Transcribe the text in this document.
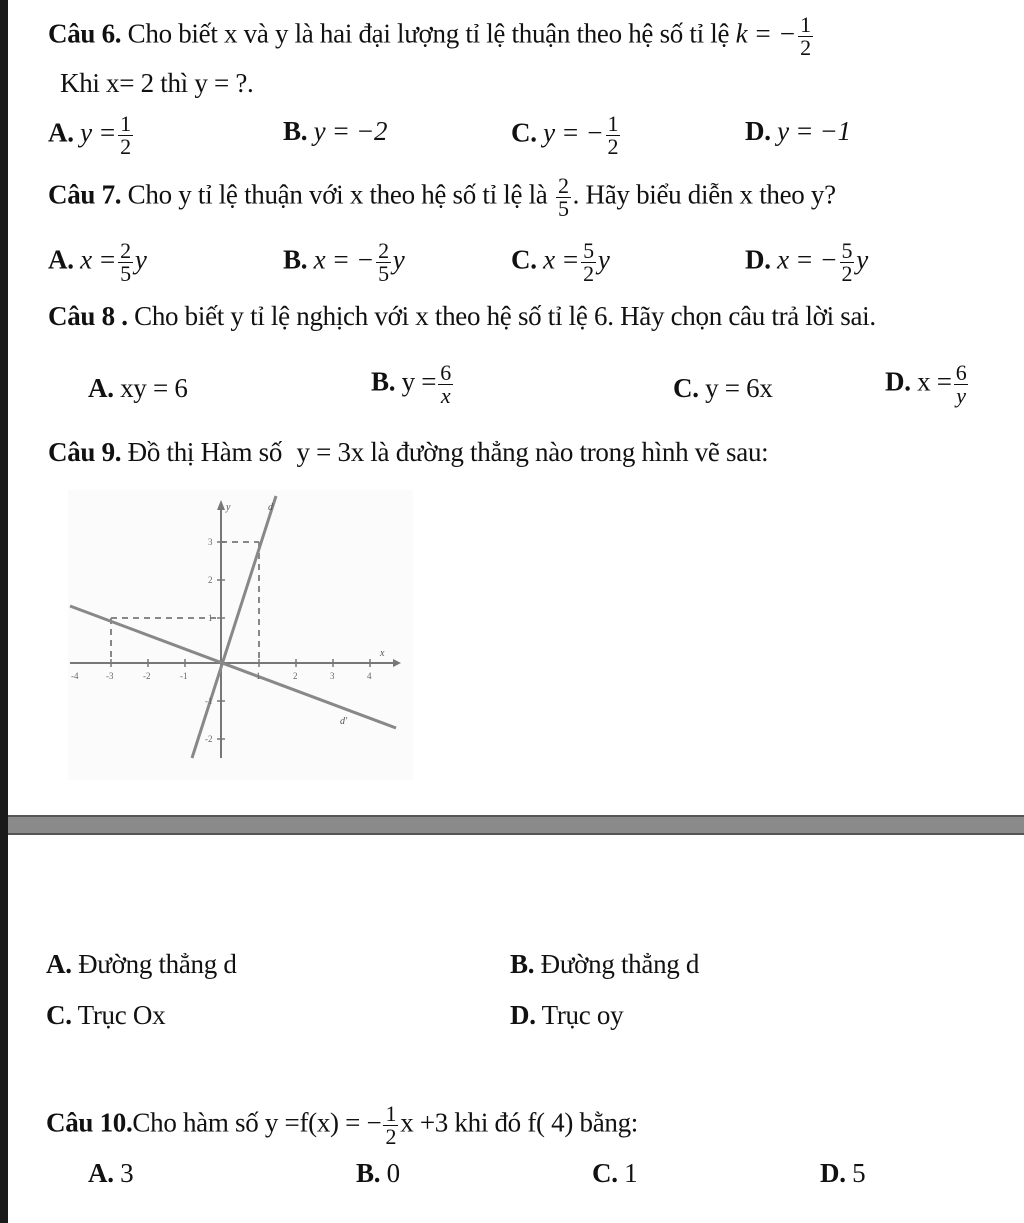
Câu 6. Cho biết x và y là hai đại lượng tỉ lệ thuận theo hệ số tỉ lệ k = − $\frac{1}{2}$
Khi x= 2 thì y = ?.
A. $y = \frac{1}{2}$	B. y = −2	C. y = − $\frac{1}{2}$	D. y = −1
Câu 7. Cho y tỉ lệ thuận với x theo hệ số tỉ lệ là $\frac{2}{5}$ . Hãy biểu diễn x theo y?
A. $x = \frac{2}{5}$ y	B. x = − $\frac{2}{5}$ y	C. $x = \frac{5}{2}$ y	D. x = − $\frac{5}{2}$ y
Câu 8 . Cho biết y tỉ lệ nghịch với x theo hệ số tỉ lệ 6. Hãy chọn câu trả lời sai.
A. xy = 6	B. $y = \frac{6}{x}$	C. y = 6x	D. $x = \frac{6}{y}$
Câu 9. Đồ thị Hàm số y = 3x là đường thẳng nào trong hình vẽ sau:
d
d'
y
x
-4	-3	-2	-1	1	2	3	4
3
2
1
-1
-2
A. Đường thẳng d	B. Đường thẳng d
C. Trục Ox	D. Trục oy
Câu 10.Cho hàm số y =f(x) = − $\frac{1}{2}$ x +3 khi đó f( 4) bằng:
A. 3	B. 0	C. 1	D. 5
